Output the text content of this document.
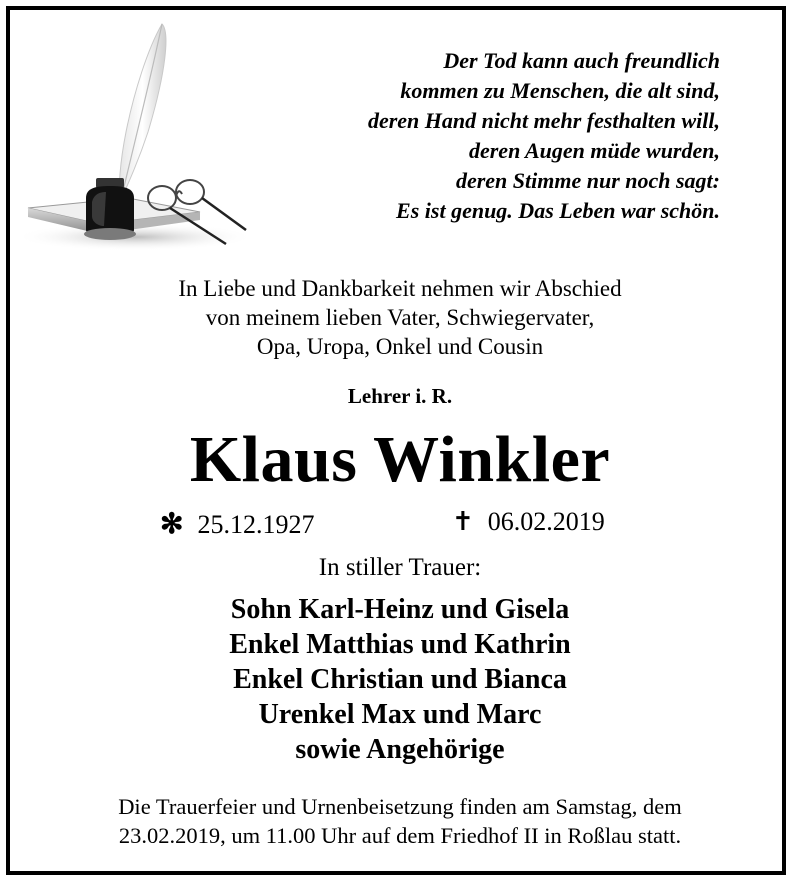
Der Tod kann auch freundlich
kommen zu Menschen, die alt sind,
deren Hand nicht mehr festhalten will,
deren Augen müde wurden,
deren Stimme nur noch sagt:
Es ist genug. Das Leben war schön.
In Liebe und Dankbarkeit nehmen wir Abschied
von meinem lieben Vater, Schwiegervater,
Opa, Uropa, Onkel und Cousin
Lehrer i. R.
Klaus Winkler
✻ 25.12.1927	✝ 06.02.2019
In stiller Trauer:
Sohn Karl-Heinz und Gisela
Enkel Matthias und Kathrin
Enkel Christian und Bianca
Urenkel Max und Marc
sowie Angehörige
Die Trauerfeier und Urnenbeisetzung finden am Samstag, dem
23.02.2019, um 11.00 Uhr auf dem Friedhof II in Roßlau statt.
